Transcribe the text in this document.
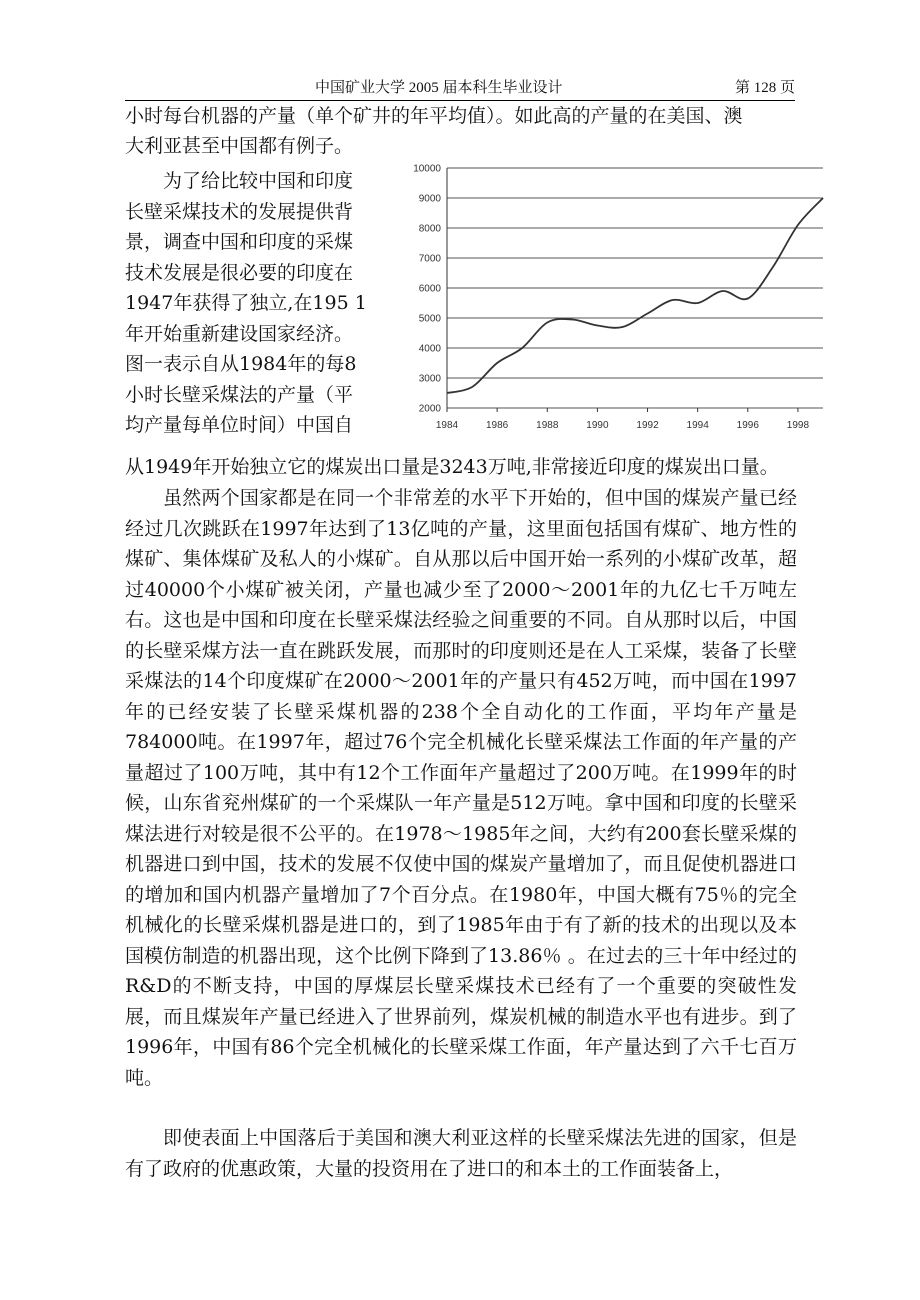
中国矿业大学 2005 届本科生毕业设计	第 128 页

小时每台机器的产量（单个矿井的年平均值）。如此高的产量的在美国、澳

大利亚甚至中国都有例子。

为了给比较中国和印度
长壁采煤技术的发展提供背
景，调查中国和印度的采煤
技术发展是很必要的印度在
1947年获得了独立,在195 1
年开始重新建设国家经济。
图一表示自从1984年的每8
小时长壁采煤法的产量（平
均产量每单位时间）中国自
2000
3000
4000
5000
6000
7000
8000
9000
10000
1984	1986	1988	1990	1992	1994	1996	1998

从1949年开始独立它的煤炭出口量是3243万吨,非常接近印度的煤炭出口量。

虽然两个国家都是在同一个非常差的水平下开始的，但中国的煤炭产量已经经过几次跳跃在1997年达到了13亿吨的产量，这里面包括国有煤矿、地方性的煤矿、集体煤矿及私人的小煤矿。自从那以后中国开始一系列的小煤矿改革，超过40000个小煤矿被关闭，产量也减少至了2000～2001年的九亿七千万吨左右。这也是中国和印度在长壁采煤法经验之间重要的不同。自从那时以后，中国的长壁采煤方法一直在跳跃发展，而那时的印度则还是在人工采煤，装备了长壁采煤法的14个印度煤矿在2000～2001年的产量只有452万吨，而中国在1997年的已经安装了长壁采煤机器的238个全自动化的工作面，平均年产量是784000吨。在1997年，超过76个完全机械化长壁采煤法工作面的年产量的产量超过了100万吨，其中有12个工作面年产量超过了200万吨。在1999年的时候，山东省兖州煤矿的一个采煤队一年产量是512万吨。拿中国和印度的长壁采煤法进行对较是很不公平的。在1978～1985年之间，大约有200套长壁采煤的机器进口到中国，技术的发展不仅使中国的煤炭产量增加了，而且促使机器进口的增加和国内机器产量增加了7个百分点。在1980年，中国大概有75％的完全机械化的长壁采煤机器是进口的，到了1985年由于有了新的技术的出现以及本国模仿制造的机器出现，这个比例下降到了13.86％ 。在过去的三十年中经过的 R&D的不断支持，中国的厚煤层长壁采煤技术已经有了一个重要的突破性发展，而且煤炭年产量已经进入了世界前列，煤炭机械的制造水平也有进步。到了1996年，中国有86个完全机械化的长壁采煤工作面，年产量达到了六千七百万吨。

即使表面上中国落后于美国和澳大利亚这样的长壁采煤法先进的国家，但是有了政府的优惠政策，大量的投资用在了进口的和本土的工作面装备上，
